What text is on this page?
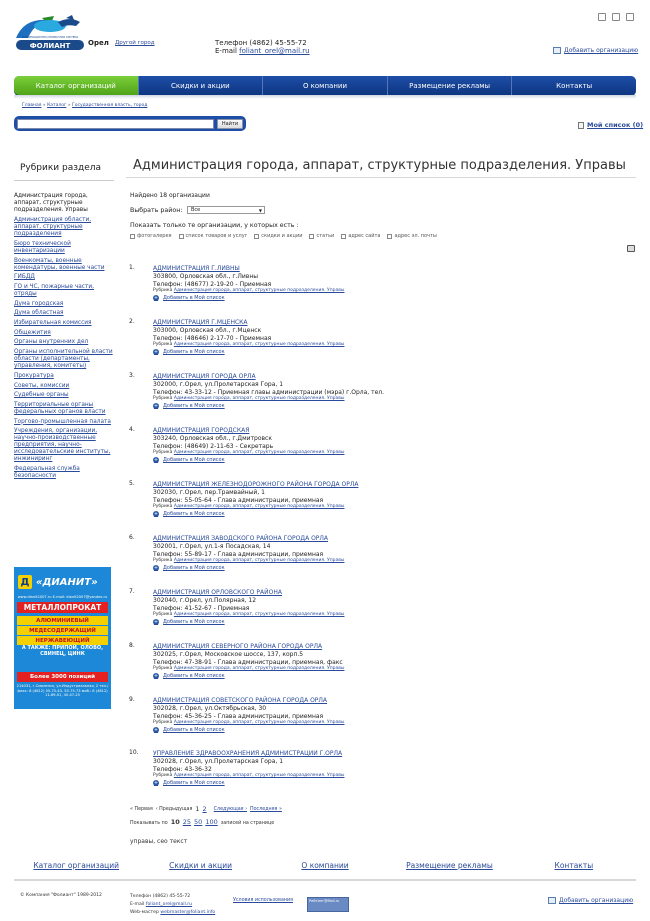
ФОЛИАНТ
ИНФОРМАЦИОННО-СПРАВОЧНАЯ СИСТЕМА
Орел Другой город	Телефон (4862) 45-55-72
E-mail foliant_orel@mail.ru	Добавить организацию
Каталог организаций	Скидки и акции	О компании	Размещение рекламы	Контакты
Главная » Каталог » Государственная власть, город
Найти	Мой список (0)
Рубрики раздела
Администрация города, аппарат, структурные подразделения. Управы
Администрация области, аппарат, структурные подразделения
Бюро технической инвентаризации
Военкоматы, военные комендатуры, военные части
ГИБДД
ГО и ЧС, пожарные части, отряды
Дума городская
Дума областная
Избирательная комиссия
Общежития
Органы внутренних дел
Органы исполнительной власти области (департаменты, управления, комитеты)
Прокуратура
Советы, комиссии
Судебные органы
Территориальные органы федеральных органов власти
Торгово-промышленная палата
Учреждения, организации, научно-производственные предприятия, научно-исследовательские институты, инжиниринг
Федеральная служба безопасности
Д «ДИАНИТ»
www.dianit2007.ru E-mail: dianit2007@yandex.ru
МЕТАЛЛОПРОКАТ
АЛЮМИНИЕВЫЙ
МЕДЕСОДЕРЖАЩИЙ
НЕРЖАВЕЮЩИЙ
А ТАКЖЕ: ПРИПОЙ, ОЛОВО, СВИНЕЦ, ЦИНК
Более 3000 позиций
214031, г.Смоленск, ул.Индустриальная, 2 тел./факс: 8 (4812) 55-75-43, 55-75-73 моб.: 8 (4812) 11-69-01, 40-47-25
Администрация города, аппарат, структурные подразделения. Управы
Найдено 18 организации
Выбрать район: Все	▼
Показать только те организации, у которых есть :
фотогалерея	список товаров и услуг	скидки и акции	статьи	адрес сайта	адрес эл. почты
1.	АДМИНИСТРАЦИЯ Г.ЛИВНЫ
303800, Орловская обл., г.Ливны
Телефон: (48677) 2-19-20 - Приемная
Рубрика Администрация города, аппарат, структурные подразделения. Управы
+ Добавить в Мой список
2.	АДМИНИСТРАЦИЯ Г.МЦЕНСКА
303000, Орловская обл., г.Мценск
Телефон: (48646) 2-17-70 - Приемная
Рубрика Администрация города, аппарат, структурные подразделения. Управы
+ Добавить в Мой список
3.	АДМИНИСТРАЦИЯ ГОРОДА ОРЛА
302000, г.Орел, ул.Пролетарская Гора, 1
Телефон: 43-33-12 - Приемная главы администрации (мэра) г.Орла, тел.
Рубрика Администрация города, аппарат, структурные подразделения. Управы
+ Добавить в Мой список
4.	АДМИНИСТРАЦИЯ ГОРОДСКАЯ
303240, Орловская обл., г.Дмитровск
Телефон: (48649) 2-11-63 - Секретарь
Рубрика Администрация города, аппарат, структурные подразделения. Управы
+ Добавить в Мой список
5.	АДМИНИСТРАЦИЯ ЖЕЛЕЗНОДОРОЖНОГО РАЙОНА ГОРОДА ОРЛА
302030, г.Орел, пер.Трамвайный, 1
Телефон: 55-05-64 - Глава администрации, приемная
Рубрика Администрация города, аппарат, структурные подразделения. Управы
+ Добавить в Мой список
6.	АДМИНИСТРАЦИЯ ЗАВОДСКОГО РАЙОНА ГОРОДА ОРЛА
302001, г.Орел, ул.1-я Посадская, 14
Телефон: 55-89-17 - Глава администрации, приемная
Рубрика Администрация города, аппарат, структурные подразделения. Управы
+ Добавить в Мой список
7.	АДМИНИСТРАЦИЯ ОРЛОВСКОГО РАЙОНА
302040, г.Орел, ул.Полярная, 12
Телефон: 41-52-67 - Приемная
Рубрика Администрация города, аппарат, структурные подразделения. Управы
+ Добавить в Мой список
8.	АДМИНИСТРАЦИЯ СЕВЕРНОГО РАЙОНА ГОРОДА ОРЛА
302025, г.Орел, Московское шоссе, 137, корп.5
Телефон: 47-38-91 - Глава администрации, приемная, факс
Рубрика Администрация города, аппарат, структурные подразделения. Управы
+ Добавить в Мой список
9.	АДМИНИСТРАЦИЯ СОВЕТСКОГО РАЙОНА ГОРОДА ОРЛА
302028, г.Орел, ул.Октябрьская, 30
Телефон: 45-36-25 - Глава администрации, приемная
Рубрика Администрация города, аппарат, структурные подразделения. Управы
+ Добавить в Мой список
10. УПРАВЛЕНИЕ ЗДРАВООХРАНЕНИЯ АДМИНИСТРАЦИИ Г.ОРЛА
302028, г.Орел, ул.Пролетарская Гора, 1
Телефон: 43-36-32
Рубрика Администрация города, аппарат, структурные подразделения. Управы
+ Добавить в Мой список
« Первая ‹ Предыдущая 1 2 Следующая › Последняя »
Показывать по 10 25 50 100 записей на странице
управы, сео текст
Каталог организаций	Скидки и акции	О компании	Размещение рекламы	Контакты
© Компания "Фолиант" 1989-2012	Телефон (4862) 45-55-72
E-mail foliant_orel@mail.ru
Web-мастер webmaster@foliant.info
Условия использования	Рейтинг@Mail.ru	Добавить организацию
